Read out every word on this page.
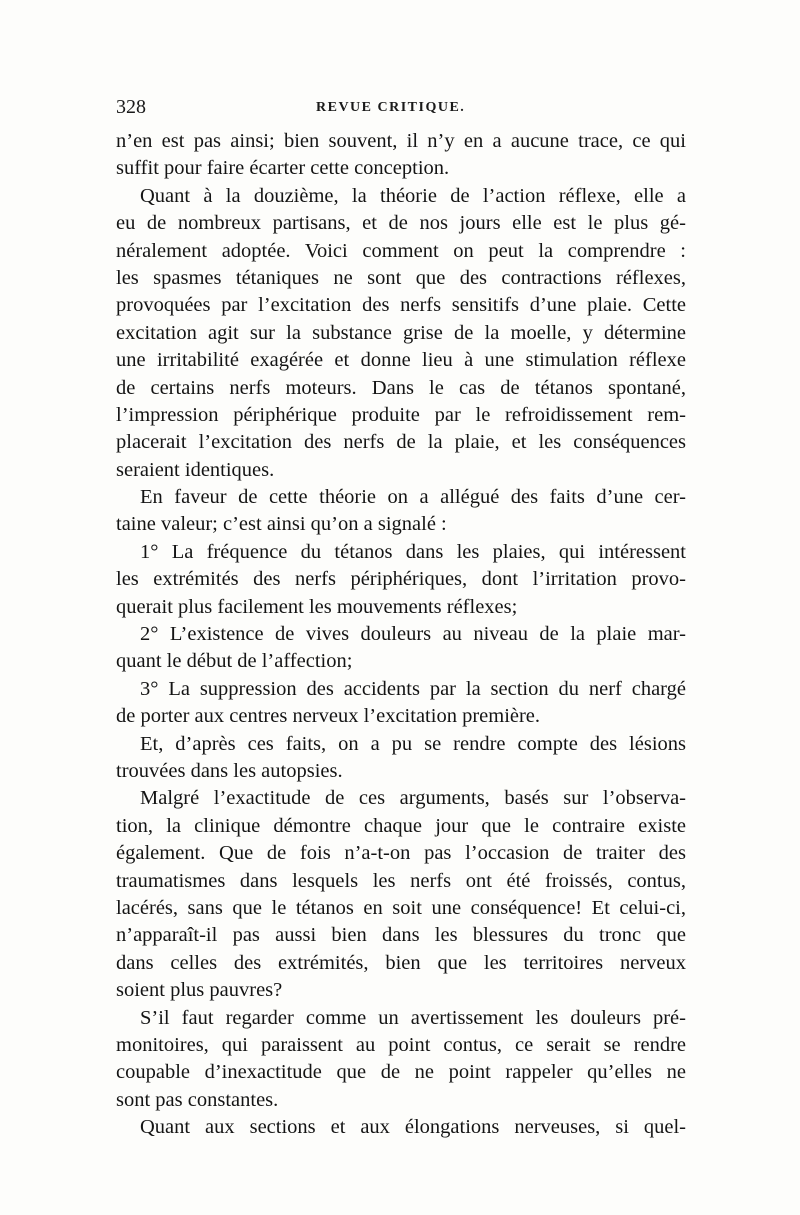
328	REVUE CRITIQUE.
n’en est pas ainsi; bien souvent, il n’y en a aucune trace, ce qui
suffit pour faire écarter cette conception.
Quant à la douzième, la théorie de l’action réflexe, elle a
eu de nombreux partisans, et de nos jours elle est le plus gé-
néralement adoptée. Voici comment on peut la comprendre :
les spasmes tétaniques ne sont que des contractions réflexes,
provoquées par l’excitation des nerfs sensitifs d’une plaie. Cette
excitation agit sur la substance grise de la moelle, y détermine
une irritabilité exagérée et donne lieu à une stimulation réflexe
de certains nerfs moteurs. Dans le cas de tétanos spontané,
l’impression périphérique produite par le refroidissement rem-
placerait l’excitation des nerfs de la plaie, et les conséquences
seraient identiques.
En faveur de cette théorie on a allégué des faits d’une cer-
taine valeur; c’est ainsi qu’on a signalé :
1° La fréquence du tétanos dans les plaies, qui intéressent
les extrémités des nerfs périphériques, dont l’irritation provo-
querait plus facilement les mouvements réflexes;
2° L’existence de vives douleurs au niveau de la plaie mar-
quant le début de l’affection;
3° La suppression des accidents par la section du nerf chargé
de porter aux centres nerveux l’excitation première.
Et, d’après ces faits, on a pu se rendre compte des lésions
trouvées dans les autopsies.
Malgré l’exactitude de ces arguments, basés sur l’observa-
tion, la clinique démontre chaque jour que le contraire existe
également. Que de fois n’a-t-on pas l’occasion de traiter des
traumatismes dans lesquels les nerfs ont été froissés, contus,
lacérés, sans que le tétanos en soit une conséquence! Et celui-ci,
n’apparaît-il pas aussi bien dans les blessures du tronc que
dans celles des extrémités, bien que les territoires nerveux
soient plus pauvres?
S’il faut regarder comme un avertissement les douleurs pré-
monitoires, qui paraissent au point contus, ce serait se rendre
coupable d’inexactitude que de ne point rappeler qu’elles ne
sont pas constantes.
Quant aux sections et aux élongations nerveuses, si quel-
